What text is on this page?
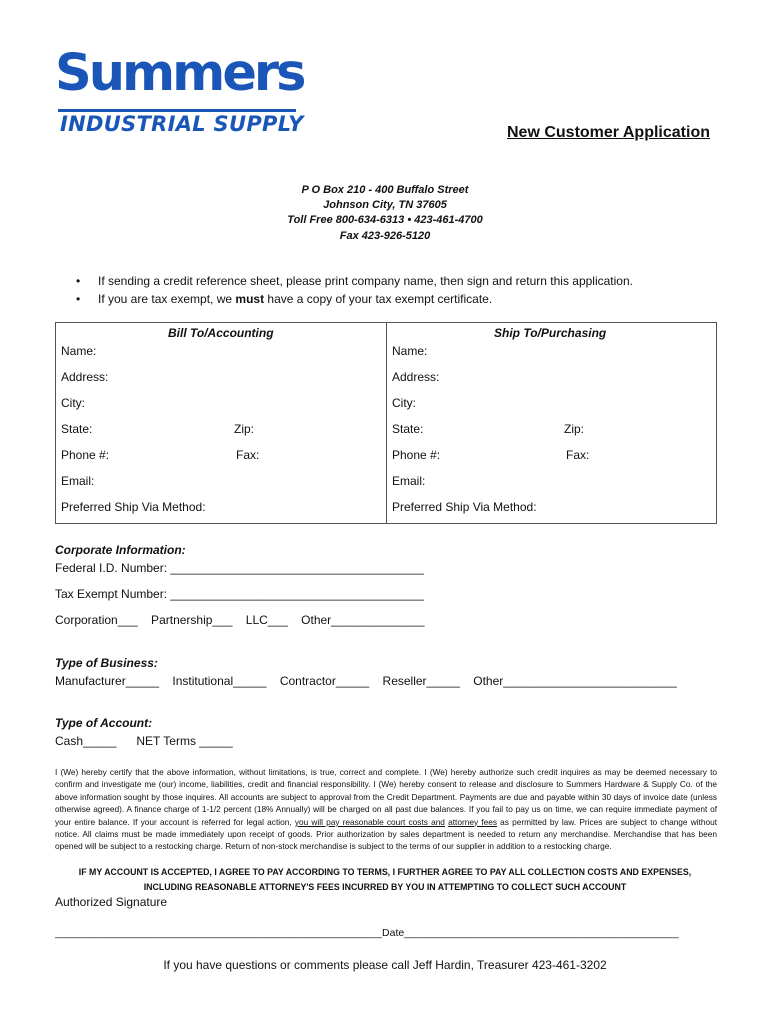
Summers
INDUSTRIAL SUPPLY	New Customer Application
P O Box 210 - 400 Buffalo Street
Johnson City, TN 37605
Toll Free 800-634-6313 • 423-461-4700
Fax 423-926-5120
• If sending a credit reference sheet, please print company name, then sign and return this application.
• If you are tax exempt, we must have a copy of your tax exempt certificate.
Bill To/Accounting
Name:
Address:
City:
State:	Zip:
Phone #:	Fax:
Email:
Preferred Ship Via Method:
Ship To/Purchasing
Name:
Address:
City:
State:	Zip:
Phone #:	Fax:
Email:
Preferred Ship Via Method:
Corporate Information:
Federal I.D. Number: ______________________________________
Tax Exempt Number: ______________________________________
Corporation___    Partnership___    LLC___    Other______________
Type of Business:
Manufacturer_____    Institutional_____    Contractor_____    Reseller_____    Other__________________________
Type of Account:
Cash_____      NET Terms _____
I (We) hereby certify that the above information, without limitations, is true, correct and complete. I (We) hereby authorize such credit inquires as may be deemed necessary to confirm and investigate me (our) income, liabilities, credit and financial responsibility. I (We) hereby consent to release and disclosure to Summers Hardware & Supply Co. of the above information sought by those inquires. All accounts are subject to approval from the Credit Department. Payments are due and payable within 30 days of invoice date (unless otherwise agreed). A finance charge of 1-1/2 percent (18% Annually) will be charged on all past due balances. If you fail to pay us on time, we can require immediate payment of your entire balance. If your account is referred for legal action, you will pay reasonable court costs and attorney fees as permitted by law. Prices are subject to change without notice. All claims must be made immediately upon receipt of goods. Prior authorization by sales department is needed to return any merchandise. Merchandise that has been opened will be subject to a restocking charge. Return of non-stock merchandise is subject to the terms of our supplier in addition to a restocking charge.
IF MY ACCOUNT IS ACCEPTED, I AGREE TO PAY ACCORDING TO TERMS, I FURTHER AGREE TO PAY ALL COLLECTION COSTS AND EXPENSES,
INCLUDING REASONABLE ATTORNEY'S FEES INCURRED BY YOU IN ATTEMPTING TO COLLECT SUCH ACCOUNT
Authorized Signature
________________________________________________________Date_______________________________________________
If you have questions or comments please call Jeff Hardin, Treasurer 423-461-3202
